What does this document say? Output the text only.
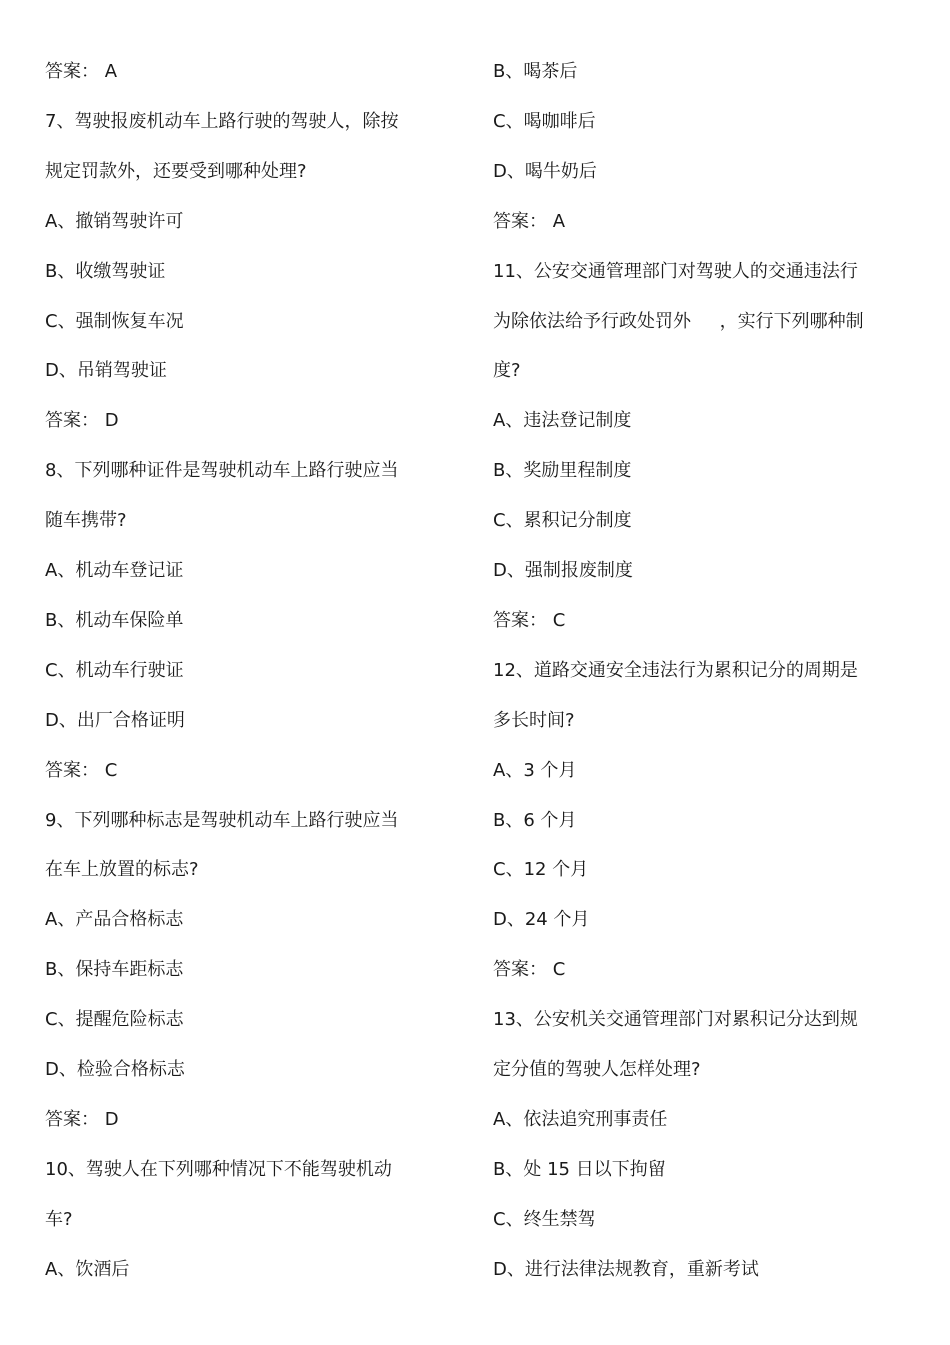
答案： A
7、驾驶报废机动车上路行驶的驾驶人，除按
规定罚款外，还要受到哪种处理?
A、撤销驾驶许可
B、收缴驾驶证
C、强制恢复车况
D、吊销驾驶证
答案： D
8、下列哪种证件是驾驶机动车上路行驶应当
随车携带?
A、机动车登记证
B、机动车保险单
C、机动车行驶证
D、出厂合格证明
答案： C
9、下列哪种标志是驾驶机动车上路行驶应当
在车上放置的标志?
A、产品合格标志
B、保持车距标志
C、提醒危险标志
D、检验合格标志
答案： D
10、驾驶人在下列哪种情况下不能驾驶机动
车?
A、饮酒后
B、喝茶后
C、喝咖啡后
D、喝牛奶后
答案： A
11、公安交通管理部门对驾驶人的交通违法行
为除依法给予行政处罚外     ，实行下列哪种制
度?
A、违法登记制度
B、奖励里程制度
C、累积记分制度
D、强制报废制度
答案： C
12、道路交通安全违法行为累积记分的周期是
多长时间?
A、3 个月
B、6 个月
C、12 个月
D、24 个月
答案： C
13、公安机关交通管理部门对累积记分达到规
定分值的驾驶人怎样处理?
A、依法追究刑事责任
B、处 15 日以下拘留
C、终生禁驾
D、进行法律法规教育，重新考试
